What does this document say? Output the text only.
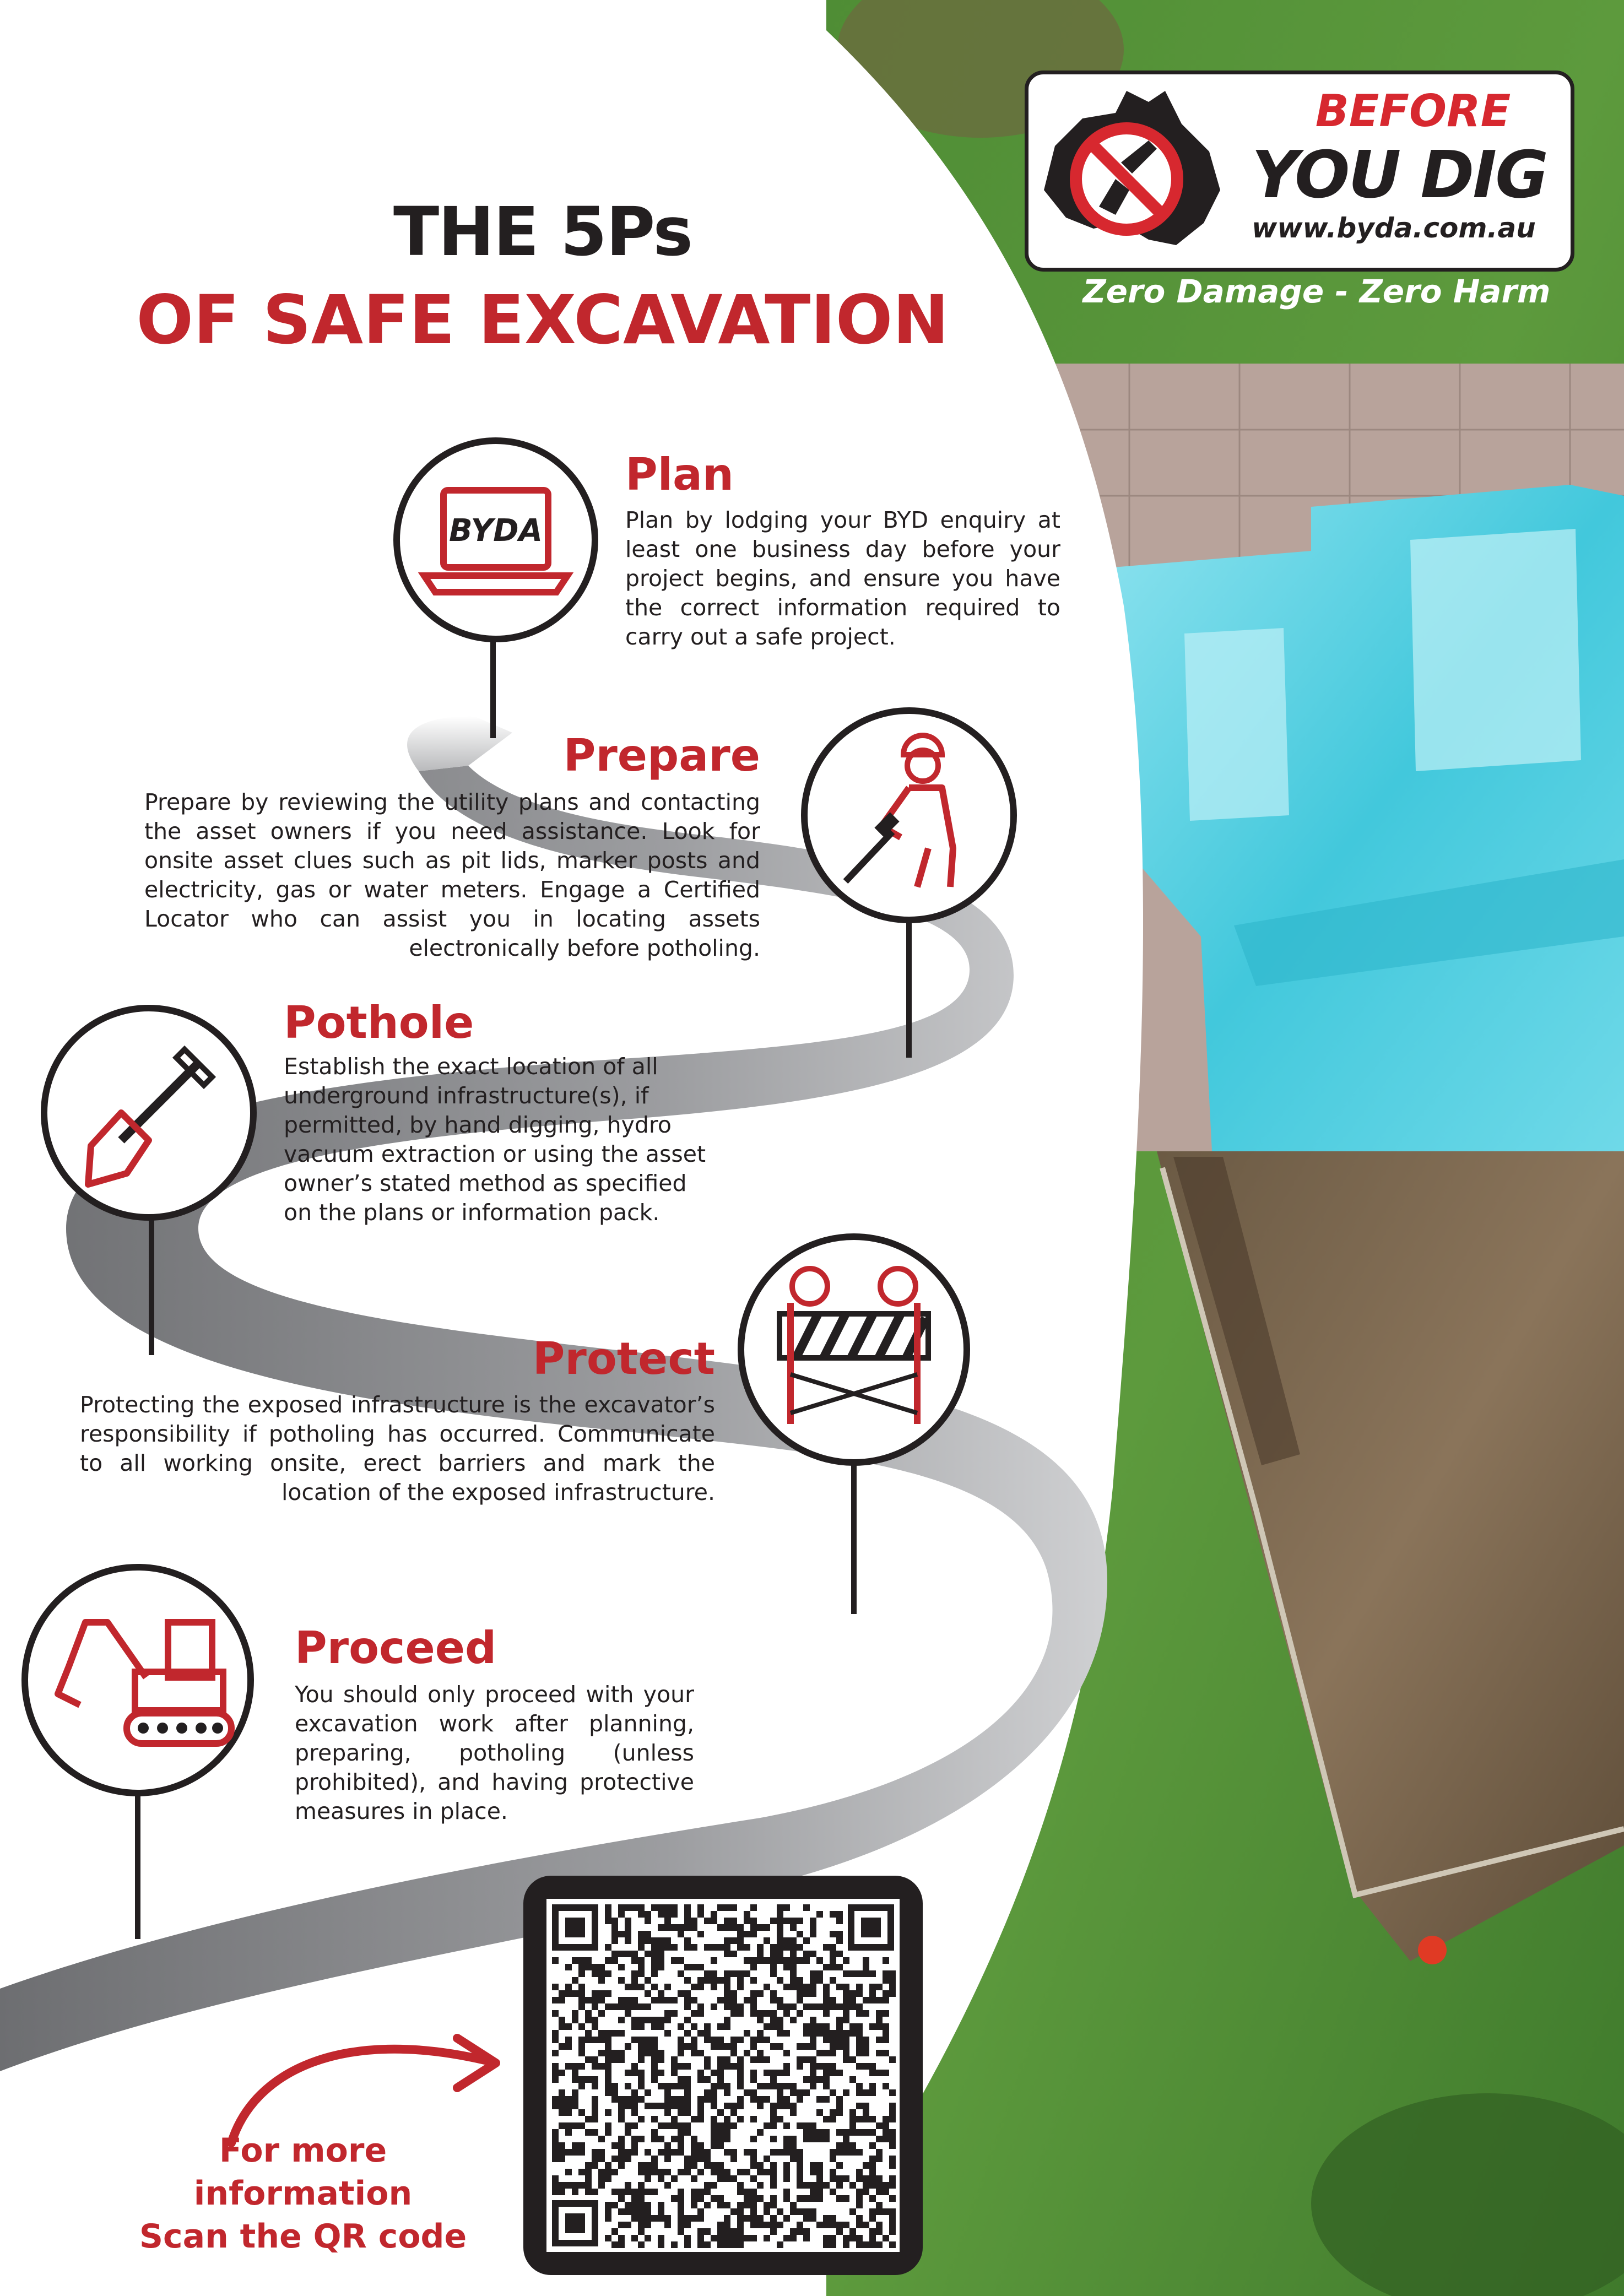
THE 5Ps
OF SAFE EXCAVATION
BEFORE
YOU DIG
www.byda.com.au
Zero Damage - Zero Harm
BYDA
Plan
Plan by lodging your BYD enquiry at least one business day before your project begins, and ensure you have the correct information required to carry out a safe project.
Prepare
Prepare by reviewing the utility plans and contacting the asset owners if you need assistance. Look for onsite asset clues such as pit lids, marker posts and electricity, gas or water meters. Engage a Certified Locator who can assist you in locating assets electronically before potholing.
Pothole
Establish the exact location of all underground infrastructure(s), if permitted, by hand digging, hydro vacuum extraction or using the asset owner’s stated method as specified on the plans or information pack.
Protect
Protecting the exposed infrastructure is the excavator’s responsibility if potholing has occurred. Communicate to all working onsite, erect barriers and mark the location of the exposed infrastructure.
Proceed
You should only proceed with your excavation work after planning, preparing, potholing (unless prohibited), and having protective measures in place.
For more information
Scan the QR code
